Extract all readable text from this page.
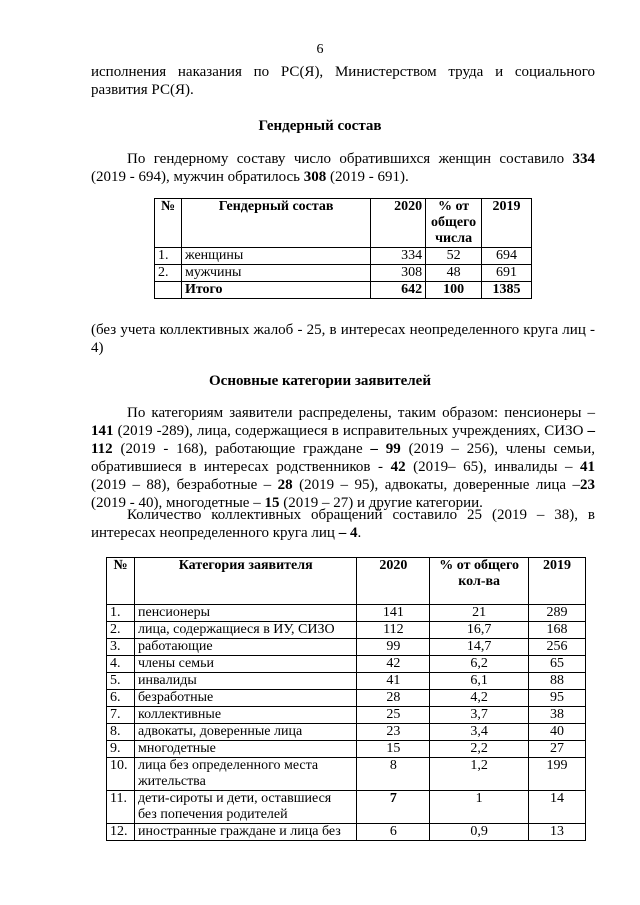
6
исполнения наказания по РС(Я), Министерством труда и социального развития РС(Я).
Гендерный состав
По гендерному составу число обратившихся женщин составило 334 (2019 - 694), мужчин обратилось 308 (2019 - 691).
№	Гендерный состав	2020	% от общего числа	2019
1.	женщины	334	52	694
2.	мужчины	308	48	691
	Итого	642	100	1385
(без учета коллективных жалоб - 25, в интересах неопределенного круга лиц - 4)
Основные категории заявителей
По категориям заявители распределены, таким образом: пенсионеры – 141 (2019 -289), лица, содержащиеся в исправительных учреждениях, СИЗО – 112 (2019 - 168), работающие граждане – 99 (2019 – 256), члены семьи, обратившиеся в интересах родственников - 42 (2019– 65), инвалиды – 41 (2019 – 88), безработные – 28 (2019 – 95), адвокаты, доверенные лица –23 (2019 - 40), многодетные – 15 (2019 – 27) и другие категории.
Количество коллективных обращений составило 25 (2019 – 38), в интересах неопределенного круга лиц – 4.
№	Категория заявителя	2020	% от общего кол-ва	2019
1.	пенсионеры	141	21	289
2.	лица, содержащиеся в ИУ, СИЗО	112	16,7	168
3.	работающие	99	14,7	256
4.	члены семьи	42	6,2	65
5.	инвалиды	41	6,1	88
6.	безработные	28	4,2	95
7.	коллективные	25	3,7	38
8.	адвокаты, доверенные лица	23	3,4	40
9.	многодетные	15	2,2	27
10.	лица без определенного места жительства	8	1,2	199
11.	дети-сироты и дети, оставшиеся без попечения родителей	7	1	14
12.	иностранные граждане и лица без	6	0,9	13
